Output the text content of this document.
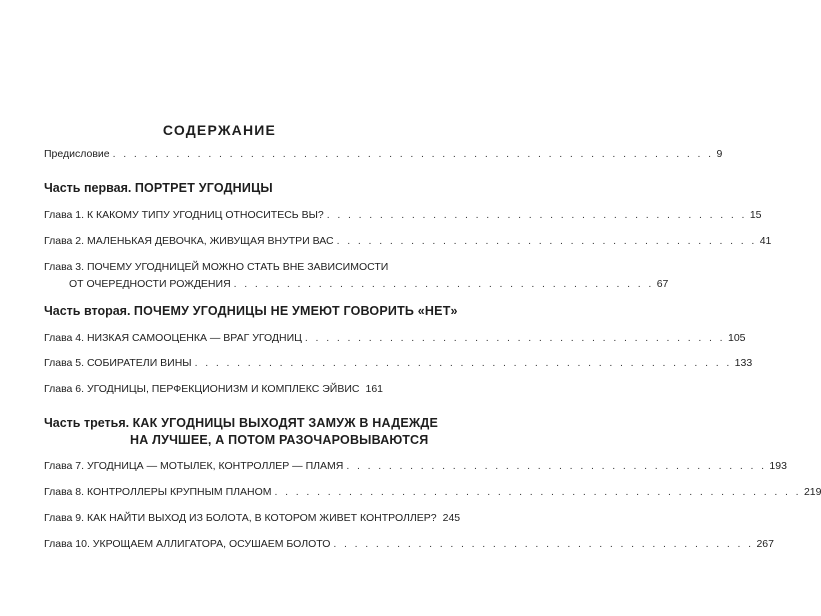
СОДЕРЖАНИЕ
Предисловие . . . . . . . . . . . . . . . . . . . . . . . . . . . . . . . . . . . . . . . . . . . . . . . . . . . . . . . . . 9
Часть первая. ПОРТРЕТ УГОДНИЦЫ
Глава 1. К КАКОМУ ТИПУ УГОДНИЦ ОТНОСИТЕСЬ ВЫ? . . . . . . . . . . . . . . . . . . . . . . . . . . . . . . . . . . . . . . . . 15
Глава 2. МАЛЕНЬКАЯ ДЕВОЧКА, ЖИВУЩАЯ ВНУТРИ ВАС . . . . . . . . . . . . . . . . . . . . . . . . . . . . . . . . . . . . . . . . 41
Глава 3. ПОЧЕМУ УГОДНИЦЕЙ МОЖНО СТАТЬ ВНЕ ЗАВИСИМОСТИ
ОТ ОЧЕРЕДНОСТИ РОЖДЕНИЯ . . . . . . . . . . . . . . . . . . . . . . . . . . . . . . . . . . . . . . . . 67
Часть вторая. ПОЧЕМУ УГОДНИЦЫ НЕ УМЕЮТ ГОВОРИТЬ «НЕТ»
Глава 4. НИЗКАЯ САМООЦЕНКА — ВРАГ УГОДНИЦ . . . . . . . . . . . . . . . . . . . . . . . . . . . . . . . . . . . . . . . . 105
Глава 5. СОБИРАТЕЛИ ВИНЫ . . . . . . . . . . . . . . . . . . . . . . . . . . . . . . . . . . . . . . . . . . . . . . . . . . . 133
Глава 6. УГОДНИЦЫ, ПЕРФЕКЦИОНИЗМ И КОМПЛЕКС ЭЙВИС 161
Часть третья. КАК УГОДНИЦЫ ВЫХОДЯТ ЗАМУЖ В НАДЕЖДЕ
НА ЛУЧШЕЕ, А ПОТОМ РАЗОЧАРОВЫВАЮТСЯ
Глава 7. УГОДНИЦА — МОТЫЛЕК, КОНТРОЛЛЕР — ПЛАМЯ . . . . . . . . . . . . . . . . . . . . . . . . . . . . . . . . . . . . . . . . 193
Глава 8. КОНТРОЛЛЕРЫ КРУПНЫМ ПЛАНОМ . . . . . . . . . . . . . . . . . . . . . . . . . . . . . . . . . . . . . . . . . . . . . . . . . . 219
Глава 9. КАК НАЙТИ ВЫХОД ИЗ БОЛОТА, В КОТОРОМ ЖИВЕТ КОНТРОЛЛЕР? 245
Глава 10. УКРОЩАЕМ АЛЛИГАТОРА, ОСУШАЕМ БОЛОТО . . . . . . . . . . . . . . . . . . . . . . . . . . . . . . . . . . . . . . . . 267
